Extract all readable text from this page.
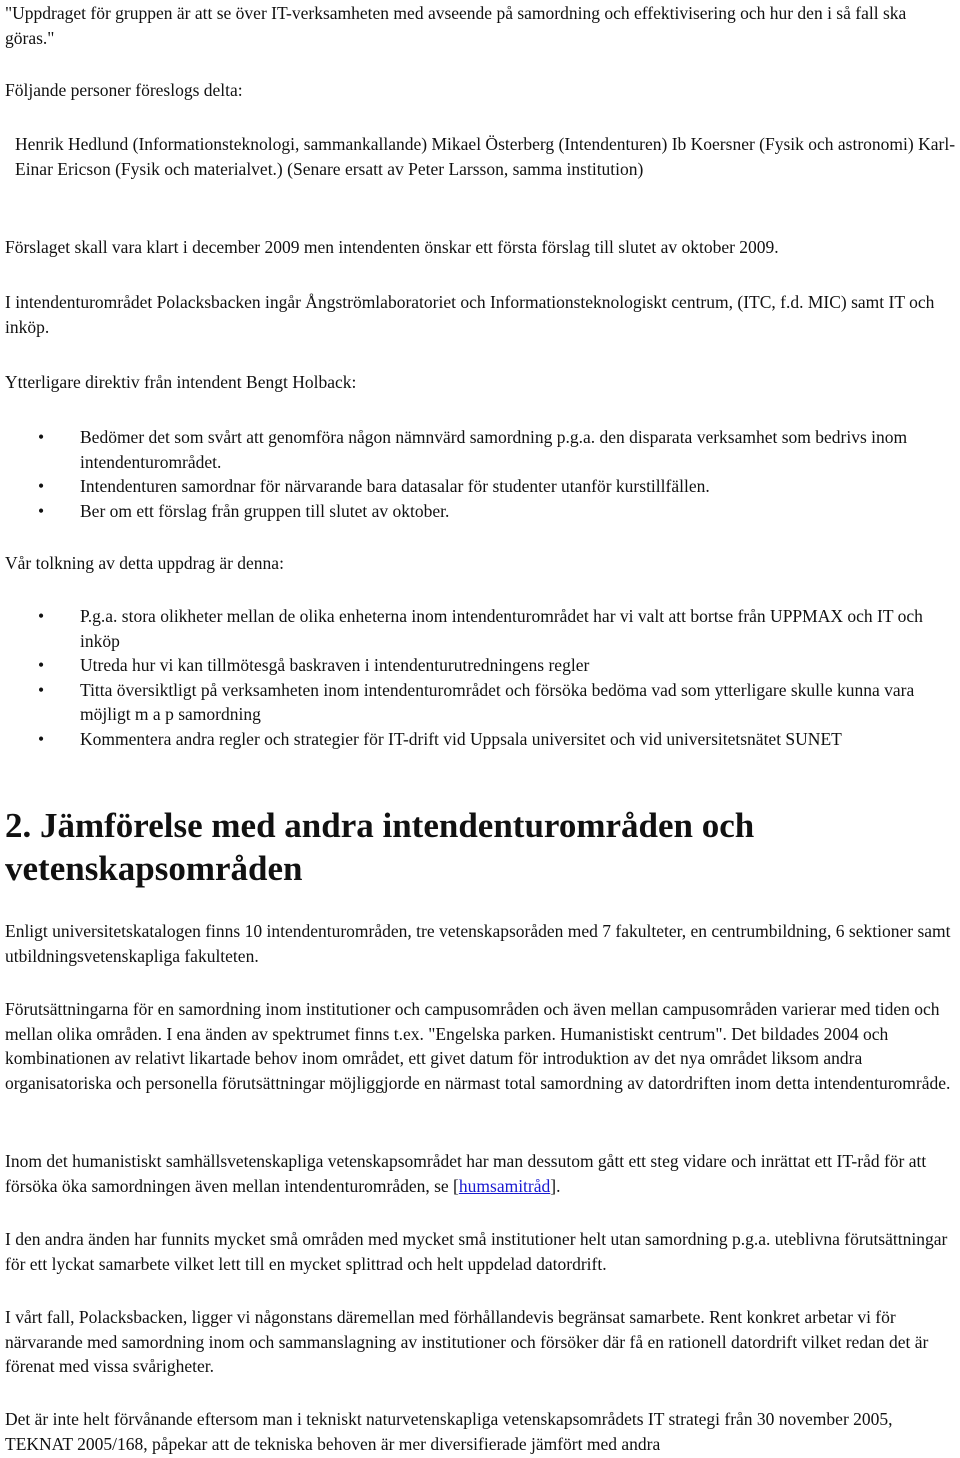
"Uppdraget för gruppen är att se över IT-verksamheten med avseende på samordning och effektivisering och hur den i så fall ska göras."

Följande personer föreslogs delta:

Henrik Hedlund (Informationsteknologi, sammankallande) Mikael Österberg (Intendenturen) Ib Koersner (Fysik och astronomi) Karl-Einar Ericson (Fysik och materialvet.) (Senare ersatt av Peter Larsson, samma institution)

Förslaget skall vara klart i december 2009 men intendenten önskar ett första förslag till slutet av oktober 2009.

I intendenturområdet Polacksbacken ingår Ångströmlaboratoriet och Informationsteknologiskt centrum, (ITC, f.d. MIC) samt IT och inköp.

Ytterligare direktiv från intendent Bengt Holback:

• Bedömer det som svårt att genomföra någon nämnvärd samordning p.g.a. den disparata verksamhet som bedrivs inom intendenturområdet.
• Intendenturen samordnar för närvarande bara datasalar för studenter utanför kurstillfällen.
• Ber om ett förslag från gruppen till slutet av oktober.

Vår tolkning av detta uppdrag är denna:

• P.g.a. stora olikheter mellan de olika enheterna inom intendenturområdet har vi valt att bortse från UPPMAX och IT och inköp
• Utreda hur vi kan tillmötesgå baskraven i intendenturutredningens regler
• Titta översiktligt på verksamheten inom intendenturområdet och försöka bedöma vad som ytterligare skulle kunna vara möjligt m a p samordning
• Kommentera andra regler och strategier för IT-drift vid Uppsala universitet och vid universitetsnätet SUNET
2. Jämförelse med andra intendenturområden och vetenskapsområden

Enligt universitetskatalogen finns 10 intendenturområden, tre vetenskapsoråden med 7 fakulteter, en centrumbildning, 6 sektioner samt utbildningsvetenskapliga fakulteten.

Förutsättningarna för en samordning inom institutioner och campusområden och även mellan campusområden varierar med tiden och mellan olika områden. I ena änden av spektrumet finns t.ex. "Engelska parken. Humanistiskt centrum". Det bildades 2004 och kombinationen av relativt likartade behov inom området, ett givet datum för introduktion av det nya området liksom andra organisatoriska och personella förutsättningar möjliggjorde en närmast total samordning av datordriften inom detta intendenturområde.

Inom det humanistiskt samhällsvetenskapliga vetenskapsområdet har man dessutom gått ett steg vidare och inrättat ett IT-råd för att försöka öka samordningen även mellan intendenturområden, se [humsamitråd].

I den andra änden har funnits mycket små områden med mycket små institutioner helt utan samordning p.g.a. uteblivna förutsättningar för ett lyckat samarbete vilket lett till en mycket splittrad och helt uppdelad datordrift.

I vårt fall, Polacksbacken, ligger vi någonstans däremellan med förhållandevis begränsat samarbete. Rent konkret arbetar vi för närvarande med samordning inom och sammanslagning av institutioner och försöker där få en rationell datordrift vilket redan det är förenat med vissa svårigheter.

Det är inte helt förvånande eftersom man i tekniskt naturvetenskapliga vetenskapsområdets IT strategi från 30 november 2005, TEKNAT 2005/168, påpekar att de tekniska behoven är mer diversifierade jämfört med andra
